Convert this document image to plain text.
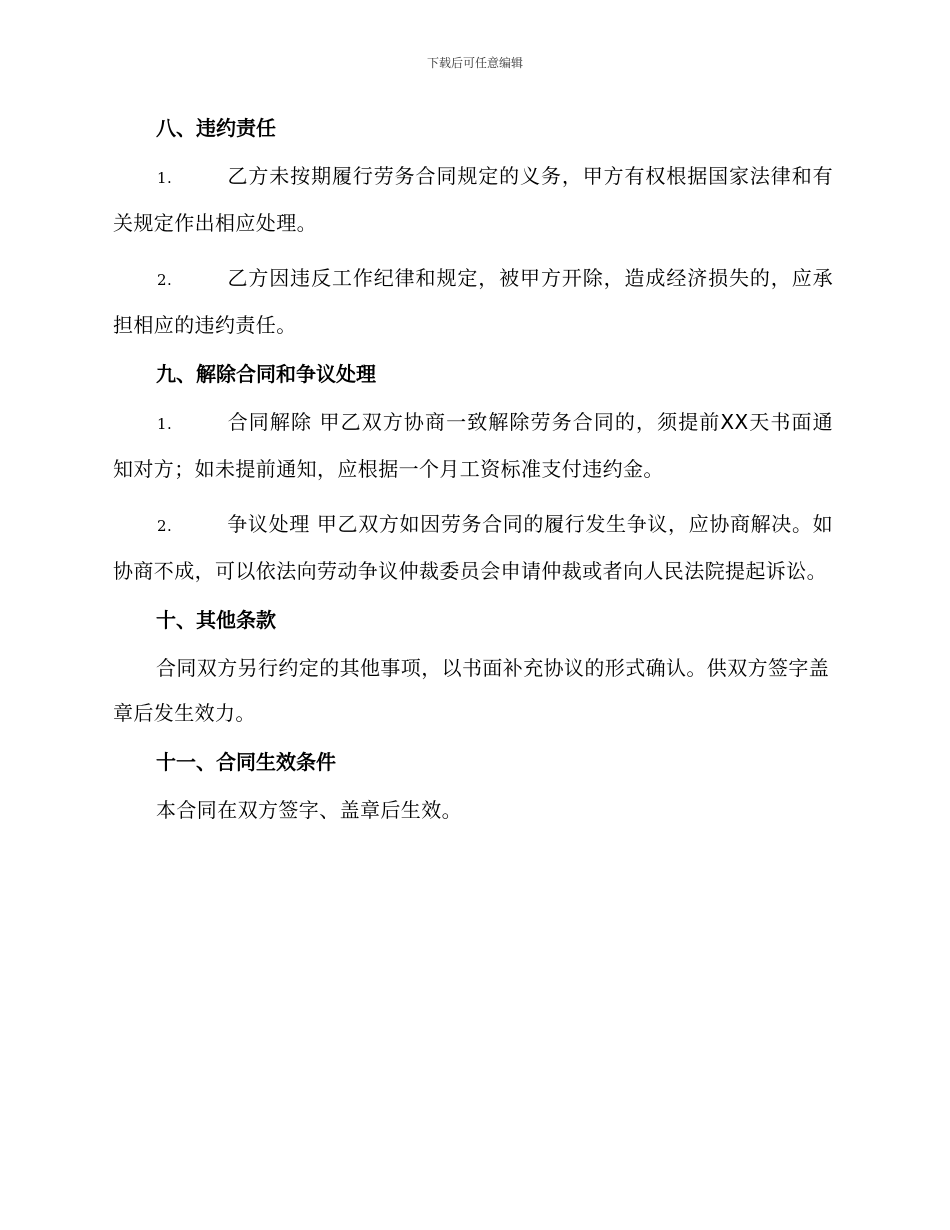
下载后可任意编辑
八、违约责任

1.	乙方未按期履行劳务合同规定的义务，甲方有权根据国家法律和有关规定作出相应处理。

2.	乙方因违反工作纪律和规定，被甲方开除，造成经济损失的，应承担相应的违约责任。

九、解除合同和争议处理

1.	合同解除 甲乙双方协商一致解除劳务合同的，须提前XX天书面通知对方；如未提前通知，应根据一个月工资标准支付违约金。

2.	争议处理 甲乙双方如因劳务合同的履行发生争议，应协商解决。如协商不成，可以依法向劳动争议仲裁委员会申请仲裁或者向人民法院提起诉讼。

十、其他条款

合同双方另行约定的其他事项，以书面补充协议的形式确认。供双方签字盖章后发生效力。

十一、合同生效条件

本合同在双方签字、盖章后生效。
